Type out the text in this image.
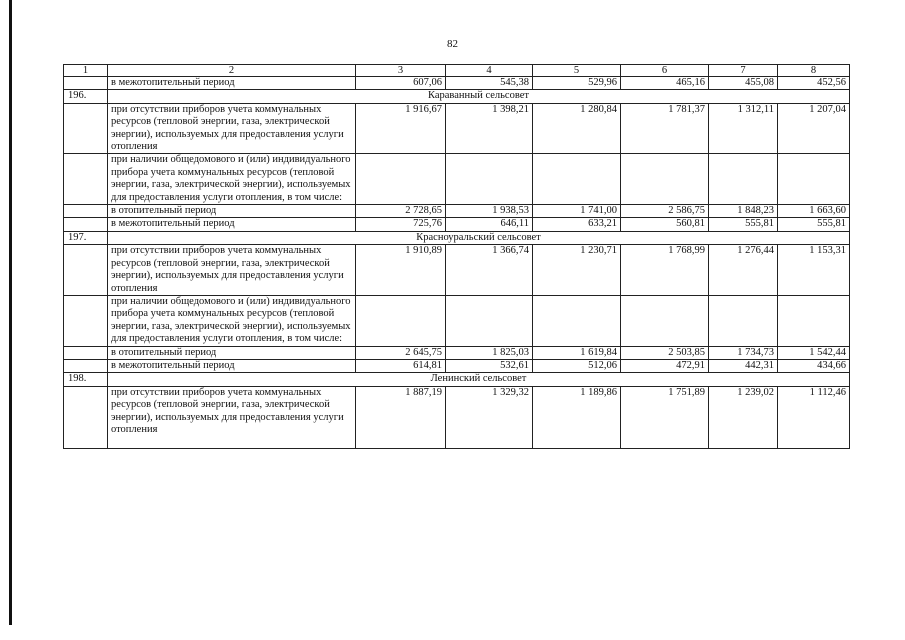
82
1	2	3	4	5	6	7	8
	в межотопительный период	607,06	545,38	529,96	465,16	455,08	452,56
196.	Караванный сельсовет						
	при отсутствии приборов учета коммунальных ресурсов (тепловой энергии, газа, электрической энергии), используемых для предоставления услуги отопления	1 916,67	1 398,21	1 280,84	1 781,37	1 312,11	1 207,04
	при наличии общедомового и (или) индивидуального прибора учета коммунальных ресурсов (тепловой энергии, газа, электрической энергии), используемых для предоставления услуги отопления, в том числе:						
	в отопительный период	2 728,65	1 938,53	1 741,00	2 586,75	1 848,23	1 663,60
	в межотопительный период	725,76	646,11	633,21	560,81	555,81	555,81
197.	Красноуральский сельсовет						
	при отсутствии приборов учета коммунальных ресурсов (тепловой энергии, газа, электрической энергии), используемых для предоставления услуги отопления	1 910,89	1 366,74	1 230,71	1 768,99	1 276,44	1 153,31
	при наличии общедомового и (или) индивидуального прибора учета коммунальных ресурсов (тепловой энергии, газа, электрической энергии), используемых для предоставления услуги отопления, в том числе:						
	в отопительный период	2 645,75	1 825,03	1 619,84	2 503,85	1 734,73	1 542,44
	в межотопительный период	614,81	532,61	512,06	472,91	442,31	434,66
198.	Ленинский сельсовет						
	при отсутствии приборов учета коммунальных ресурсов (тепловой энергии, газа, электрической энергии), используемых для предоставления услуги отопления	1 887,19	1 329,32	1 189,86	1 751,89	1 239,02	1 112,46
